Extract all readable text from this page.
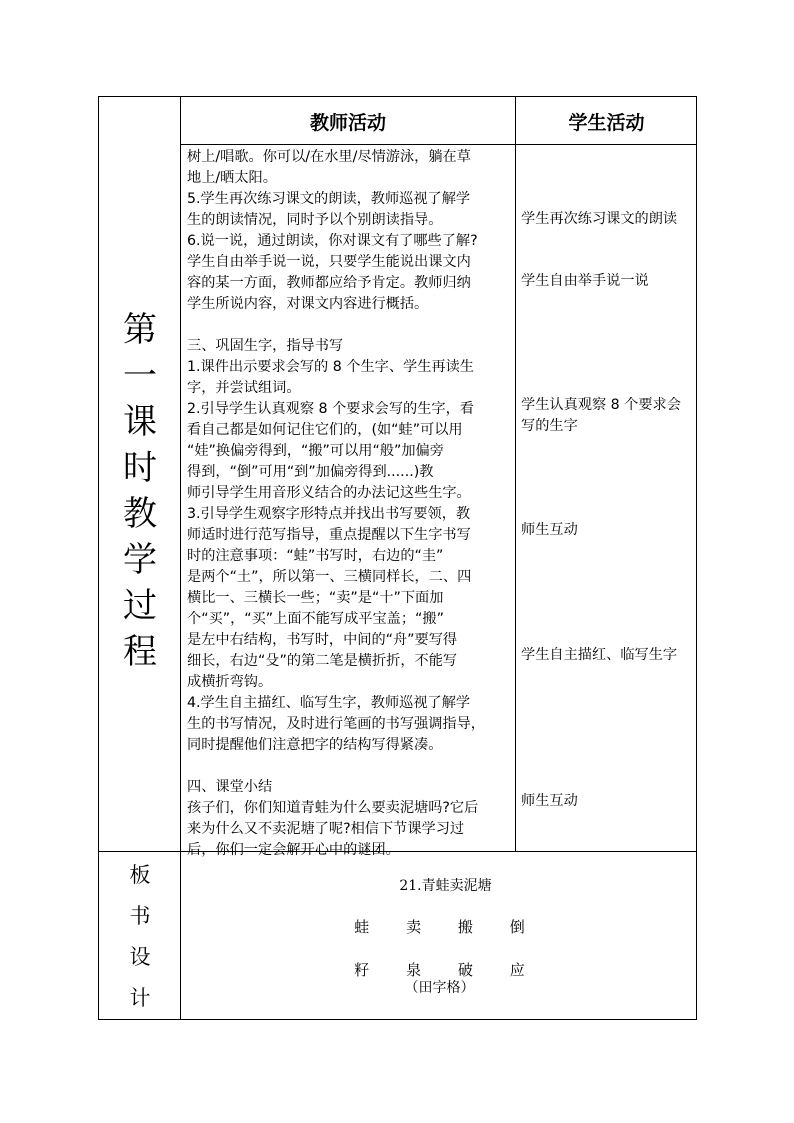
教师活动	学生活动
第
一
课
时
教
学
过
程

树上/唱歌。你可以/在水里/尽情游泳，躺在草

地上/晒太阳。

5.学生再次练习课文的朗读，教师巡视了解学

生的朗读情况，同时予以个别朗读指导。

6.说一说，通过朗读，你对课文有了哪些了解?

学生自由举手说一说，只要学生能说出课文内

容的某一方面，教师都应给予肯定。教师归纳

学生所说内容，对课文内容进行概括。

三、巩固生字，指导书写

1.课件出示要求会写的 8 个生字、学生再读生

字，并尝试组词。

2.引导学生认真观察 8 个要求会写的生字，看

看自己都是如何记住它们的，(如“蛙”可以用

“娃”换偏旁得到，“搬”可以用“般”加偏旁

得到，“倒”可用“到”加偏旁得到......)教

师引导学生用音形义结合的办法记这些生字。

3.引导学生观察字形特点并找出书写要领，教

师适时进行范写指导，重点提醒以下生字书写

时的注意事项：“蛙”书写时，右边的“圭”

是两个“土”，所以第一、三横同样长，二、四

横比一、三横长一些；“卖”是“十”下面加

个“买”，“买”上面不能写成平宝盖；“搬”

是左中右结构，书写时，中间的“舟”要写得

细长，右边“殳”的第二笔是横折折，不能写

成横折弯钩。

4.学生自主描红、临写生字，教师巡视了解学

生的书写情况，及时进行笔画的书写强调指导，

同时提醒他们注意把字的结构写得紧凑。

四、课堂小结

孩子们，你们知道青蛙为什么要卖泥塘吗?它后

来为什么又不卖泥塘了呢?相信下节课学习过

后，你们一定会解开心中的谜团。

学生再次练习课文的朗读
学生自由举手说一说
学生认真观察 8 个要求会写的生字
师生互动
学生自主描红、临写生字
师生互动
板
书
设
计
21.青蛙卖泥塘
蛙 卖 搬 倒
籽 泉 破 应
（田字格）
